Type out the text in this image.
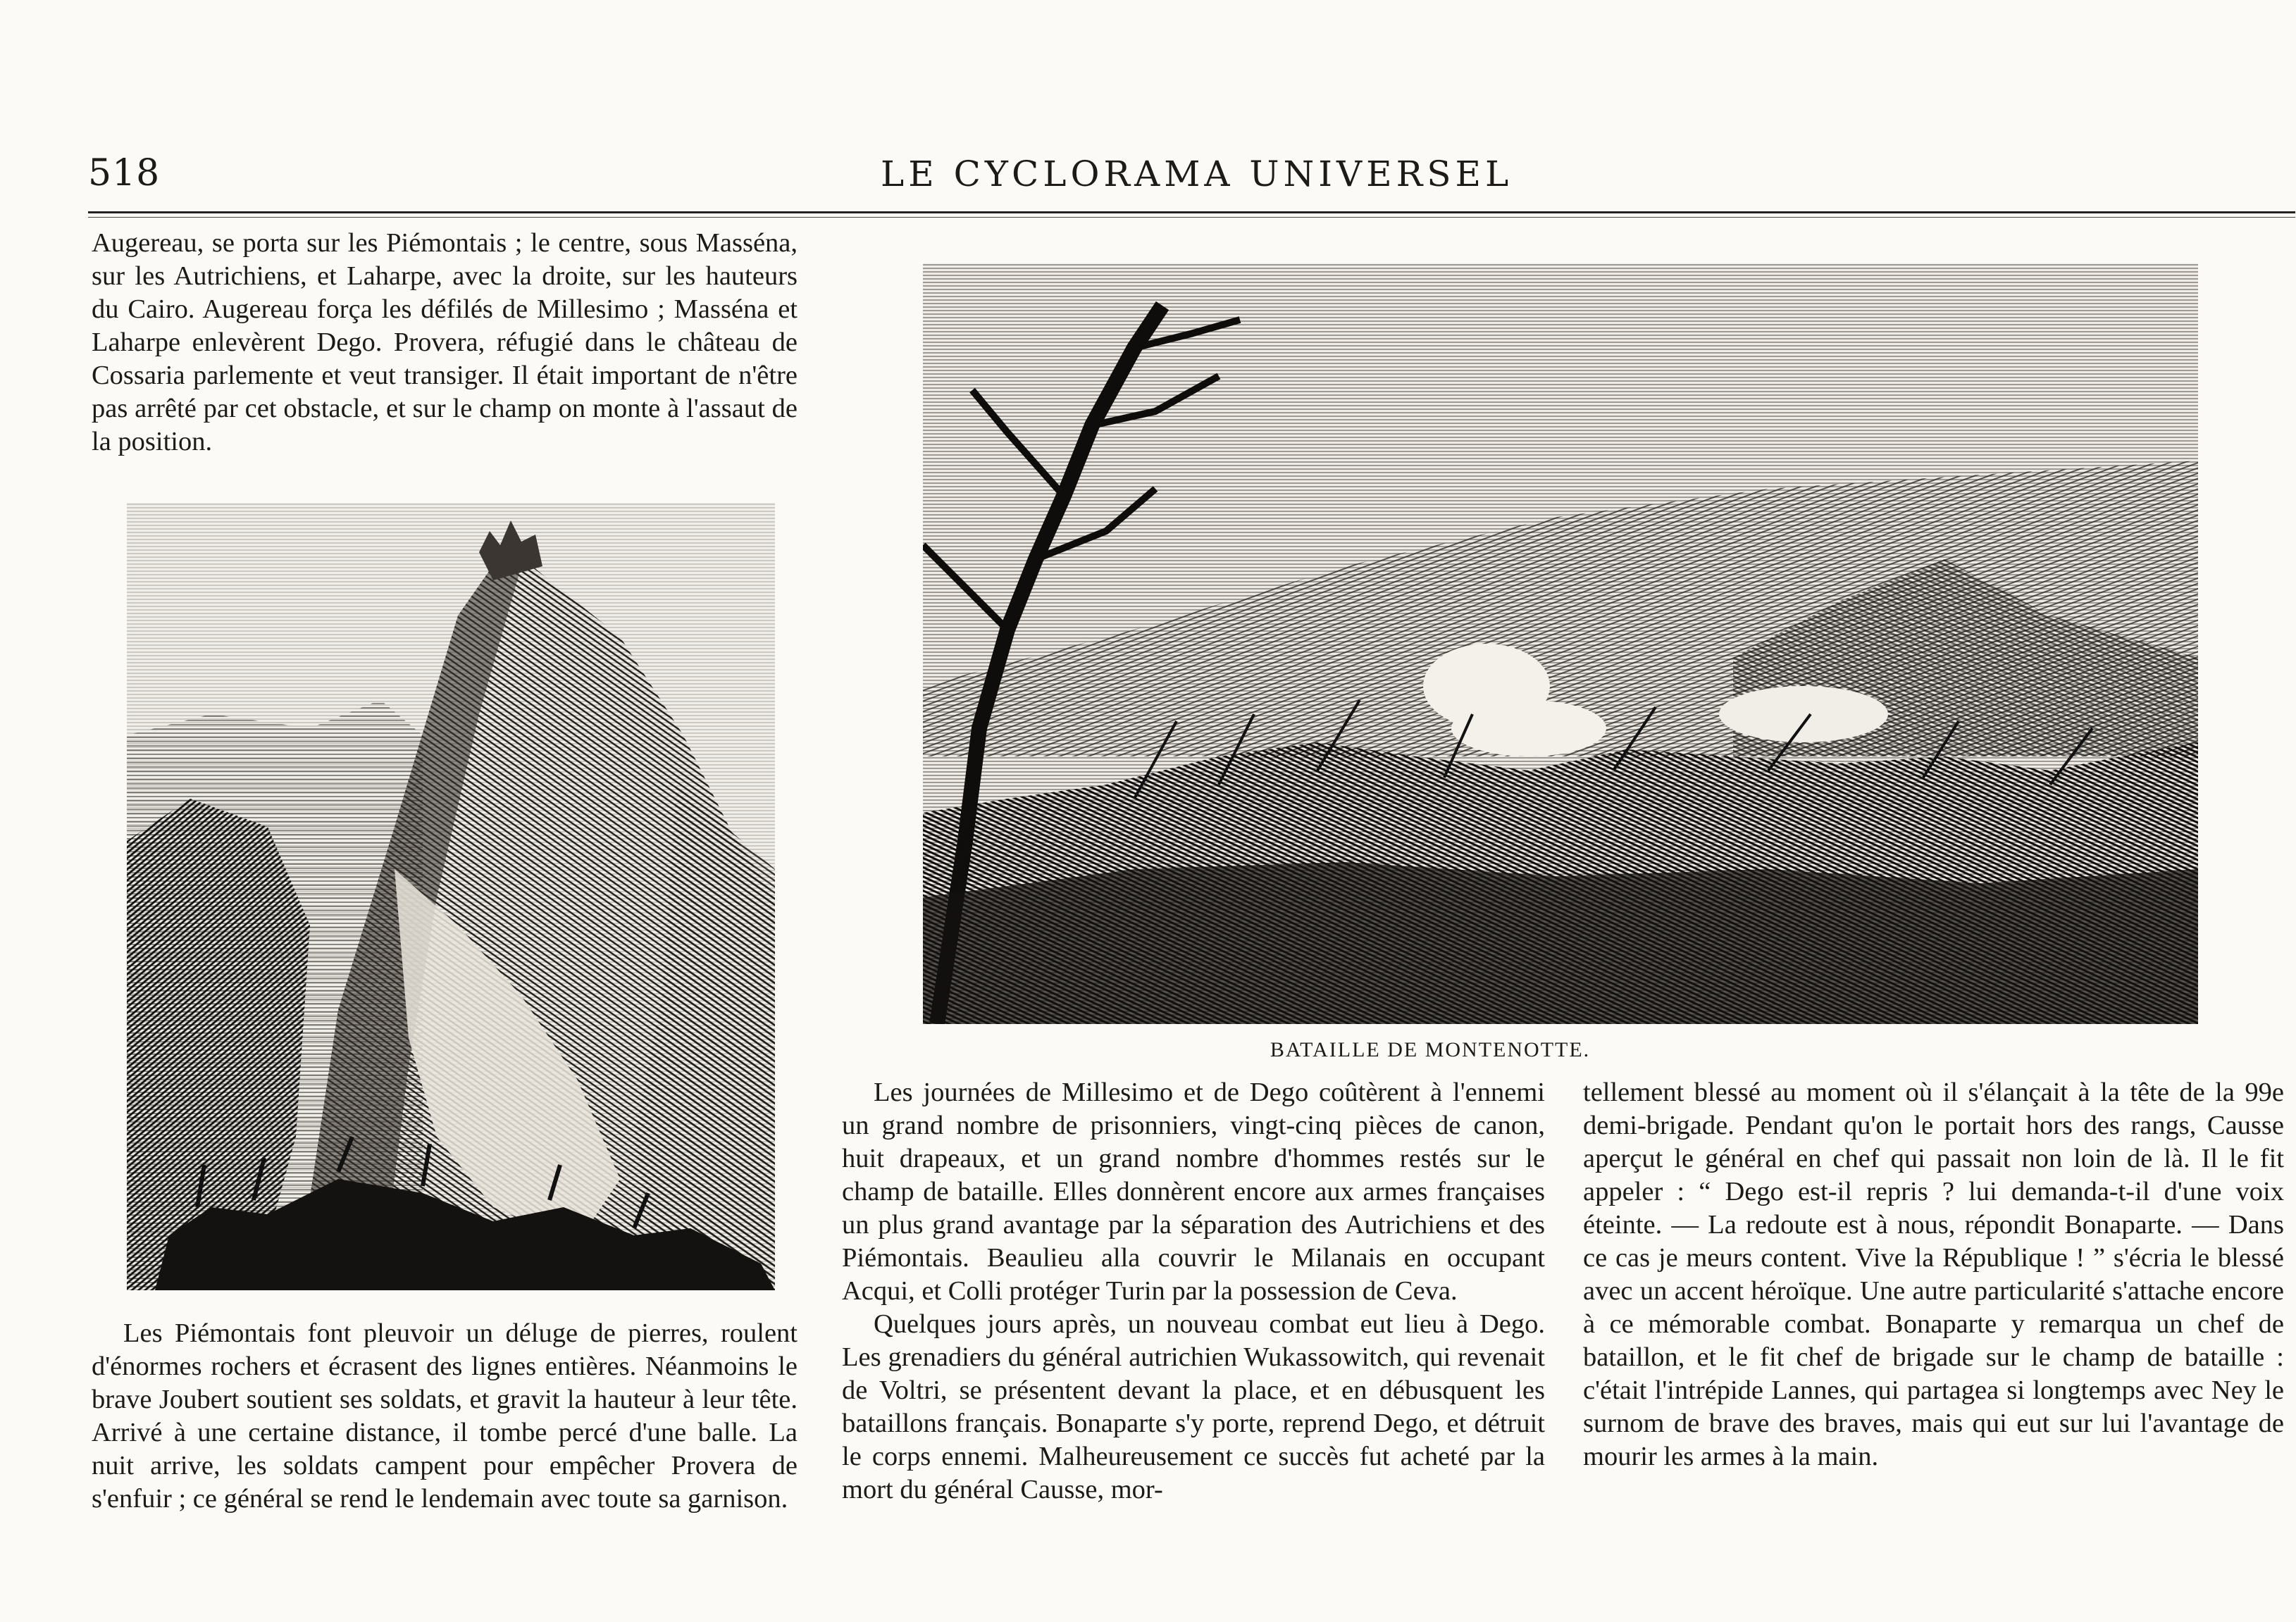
518	LE CYCLORAMA UNIVERSEL

Augereau, se porta sur les Piémontais ; le centre, sous Masséna, sur les Autrichiens, et Laharpe, avec la droite, sur les hauteurs du Cairo. Augereau força les défilés de Millesimo ; Masséna et Laharpe enlevèrent Dego. Provera, réfugié dans le château de Cossaria parlemente et veut transiger. Il était important de n'être pas arrêté par cet obstacle, et sur le champ on monte à l'assaut de la position.

Les Piémontais font pleuvoir un déluge de pierres, roulent d'énormes rochers et écrasent des lignes entières. Néanmoins le brave Joubert soutient ses soldats, et gravit la hauteur à leur tête. Arrivé à une certaine distance, il tombe percé d'une balle. La nuit arrive, les soldats campent pour empêcher Provera de s'enfuir ; ce général se rend le lendemain avec toute sa garnison.

BATAILLE DE MONTENOTTE.

Les journées de Millesimo et de Dego coûtèrent à l'ennemi un grand nombre de prisonniers, vingt-cinq pièces de canon, huit drapeaux, et un grand nombre d'hommes restés sur le champ de bataille. Elles donnèrent encore aux armes françaises un plus grand avantage par la séparation des Autrichiens et des Piémontais. Beaulieu alla couvrir le Milanais en occupant Acqui, et Colli protéger Turin par la possession de Ceva.

Quelques jours après, un nouveau combat eut lieu à Dego. Les grenadiers du général autrichien Wukassowitch, qui revenait de Voltri, se présentent devant la place, et en débusquent les bataillons français. Bonaparte s'y porte, reprend Dego, et détruit le corps ennemi. Malheureusement ce succès fut acheté par la mort du général Causse, mor-

tellement blessé au moment où il s'élançait à la tête de la 99e demi-brigade. Pendant qu'on le portait hors des rangs, Causse aperçut le général en chef qui passait non loin de là. Il le fit appeler : “ Dego est-il repris ? lui demanda-t-il d'une voix éteinte. — La redoute est à nous, répondit Bonaparte. — Dans ce cas je meurs content. Vive la République ! ” s'écria le blessé avec un accent héroïque. Une autre particularité s'attache encore à ce mémorable combat. Bonaparte y remarqua un chef de bataillon, et le fit chef de brigade sur le champ de bataille : c'était l'intrépide Lannes, qui partagea si longtemps avec Ney le surnom de brave des braves, mais qui eut sur lui l'avantage de mourir les armes à la main.
